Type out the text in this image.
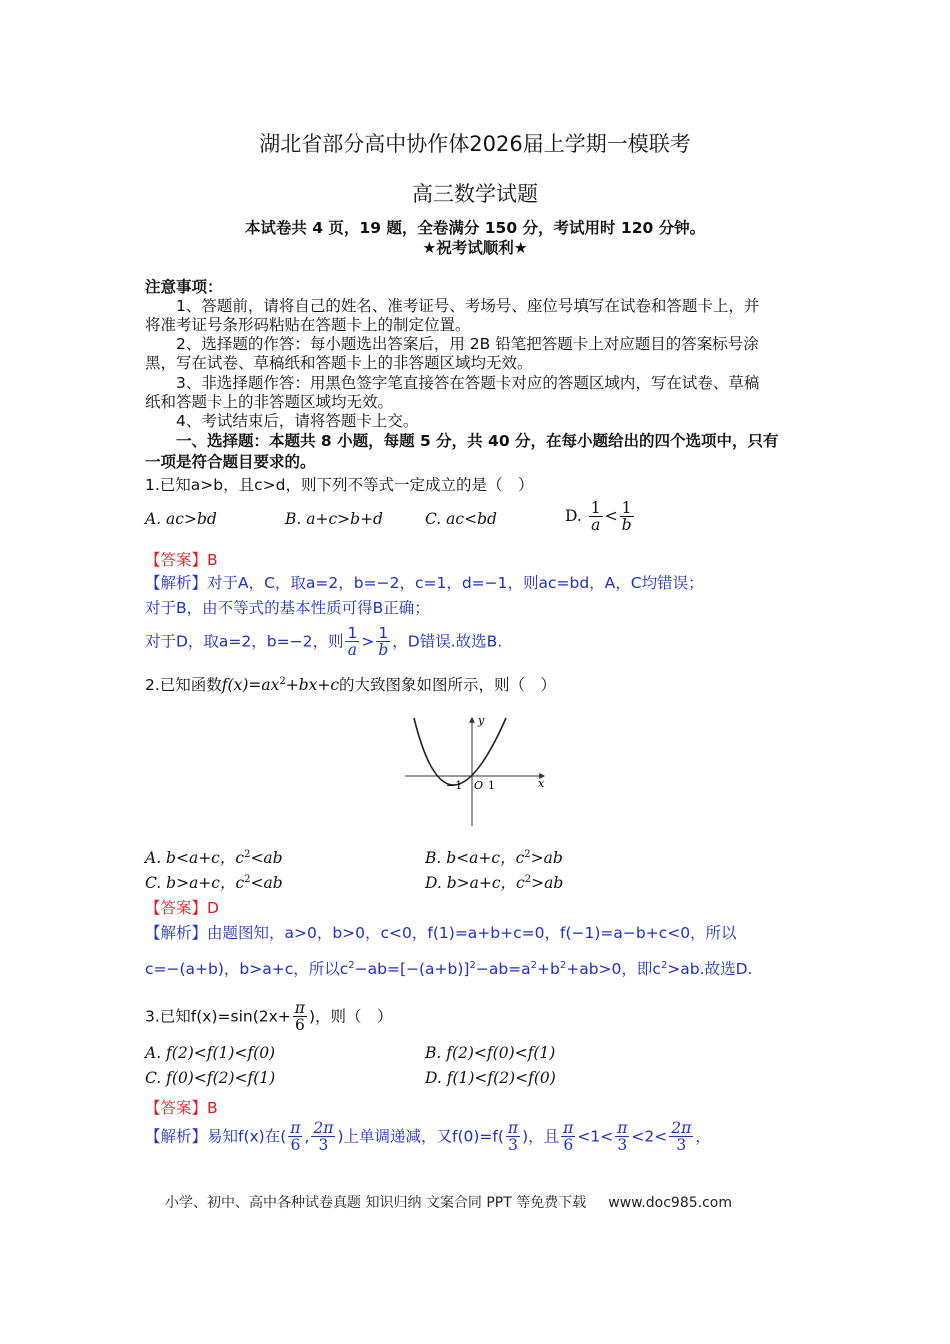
湖北省部分高中协作体2026届上学期一模联考
高三数学试题
本试卷共 4 页，19 题，全卷满分 150 分，考试用时 120 分钟。
★祝考试顺利★
注意事项：
1、答题前，请将自己的姓名、准考证号、考场号、座位号填写在试卷和答题卡上，并
将准考证号条形码粘贴在答题卡上的制定位置。
2、选择题的作答：每小题选出答案后，用 2B 铅笔把答题卡上对应题目的答案标号涂
黑，写在试卷、草稿纸和答题卡上的非答题区域均无效。
3、非选择题作答：用黑色签字笔直接答在答题卡对应的答题区域内，写在试卷、草稿
纸和答题卡上的非答题区域均无效。
4、考试结束后，请将答题卡上交。
一、选择题：本题共 8 小题，每题 5 分，共 40 分，在每小题给出的四个选项中，只有
一项是符合题目要求的。
1.已知a>b，且c>d，则下列不等式一定成立的是（　）
A. ac>bd	B. a+c>b+d	C. ac<bd	D. $\frac{1}{a} < \frac{1}{b}$
【答案】B
【解析】对于A，C，取a=2，b=−2，c=1，d=−1，则ac=bd，A，C均错误；
对于B，由不等式的基本性质可得B正确；
对于D，取a=2，b=−2，则 $\frac{1}{a} > \frac{1}{b}$ ，D错误.故选B.
2.已知函数$f(x)=ax^2+bx+c$的大致图象如图所示，则（　）
y
x
−1 O 1
A. b<a+c，$c^2<ab$	B. b<a+c，$c^2>ab$
C. b>a+c，$c^2<ab$	D. b>a+c，$c^2>ab$
【答案】D
【解析】由题图知，a>0，b>0，c<0，f(1)=a+b+c=0，f(−1)=a−b+c<0，所以
c=−(a+b)，b>a+c，所以$c^2-ab=[-(a+b)]^2-ab=a^2+b^2+ab>0$，即$c^2>ab$.故选D.
3.已知$f(x)=\sin(2x+ \frac{\pi}{6}$ )，则（　）
A. f(2)<f(1)<f(0)	B. f(2)<f(0)<f(1)
C. f(0)<f(2)<f(1)	D. f(1)<f(2)<f(0)
【答案】B
【解析】易知f(x)在( $\frac{\pi}{6}$ , $\frac{2\pi}{3}$ )上单调递减，又$f(0)=f( \frac{\pi}{3}$ )，且 $\frac{\pi}{6} <1< \frac{\pi}{3} <2< \frac{2\pi}{3}$ ，
小学、初中、高中各种试卷真题 知识归纳 文案合同 PPT 等免费下载 www.doc985.com
